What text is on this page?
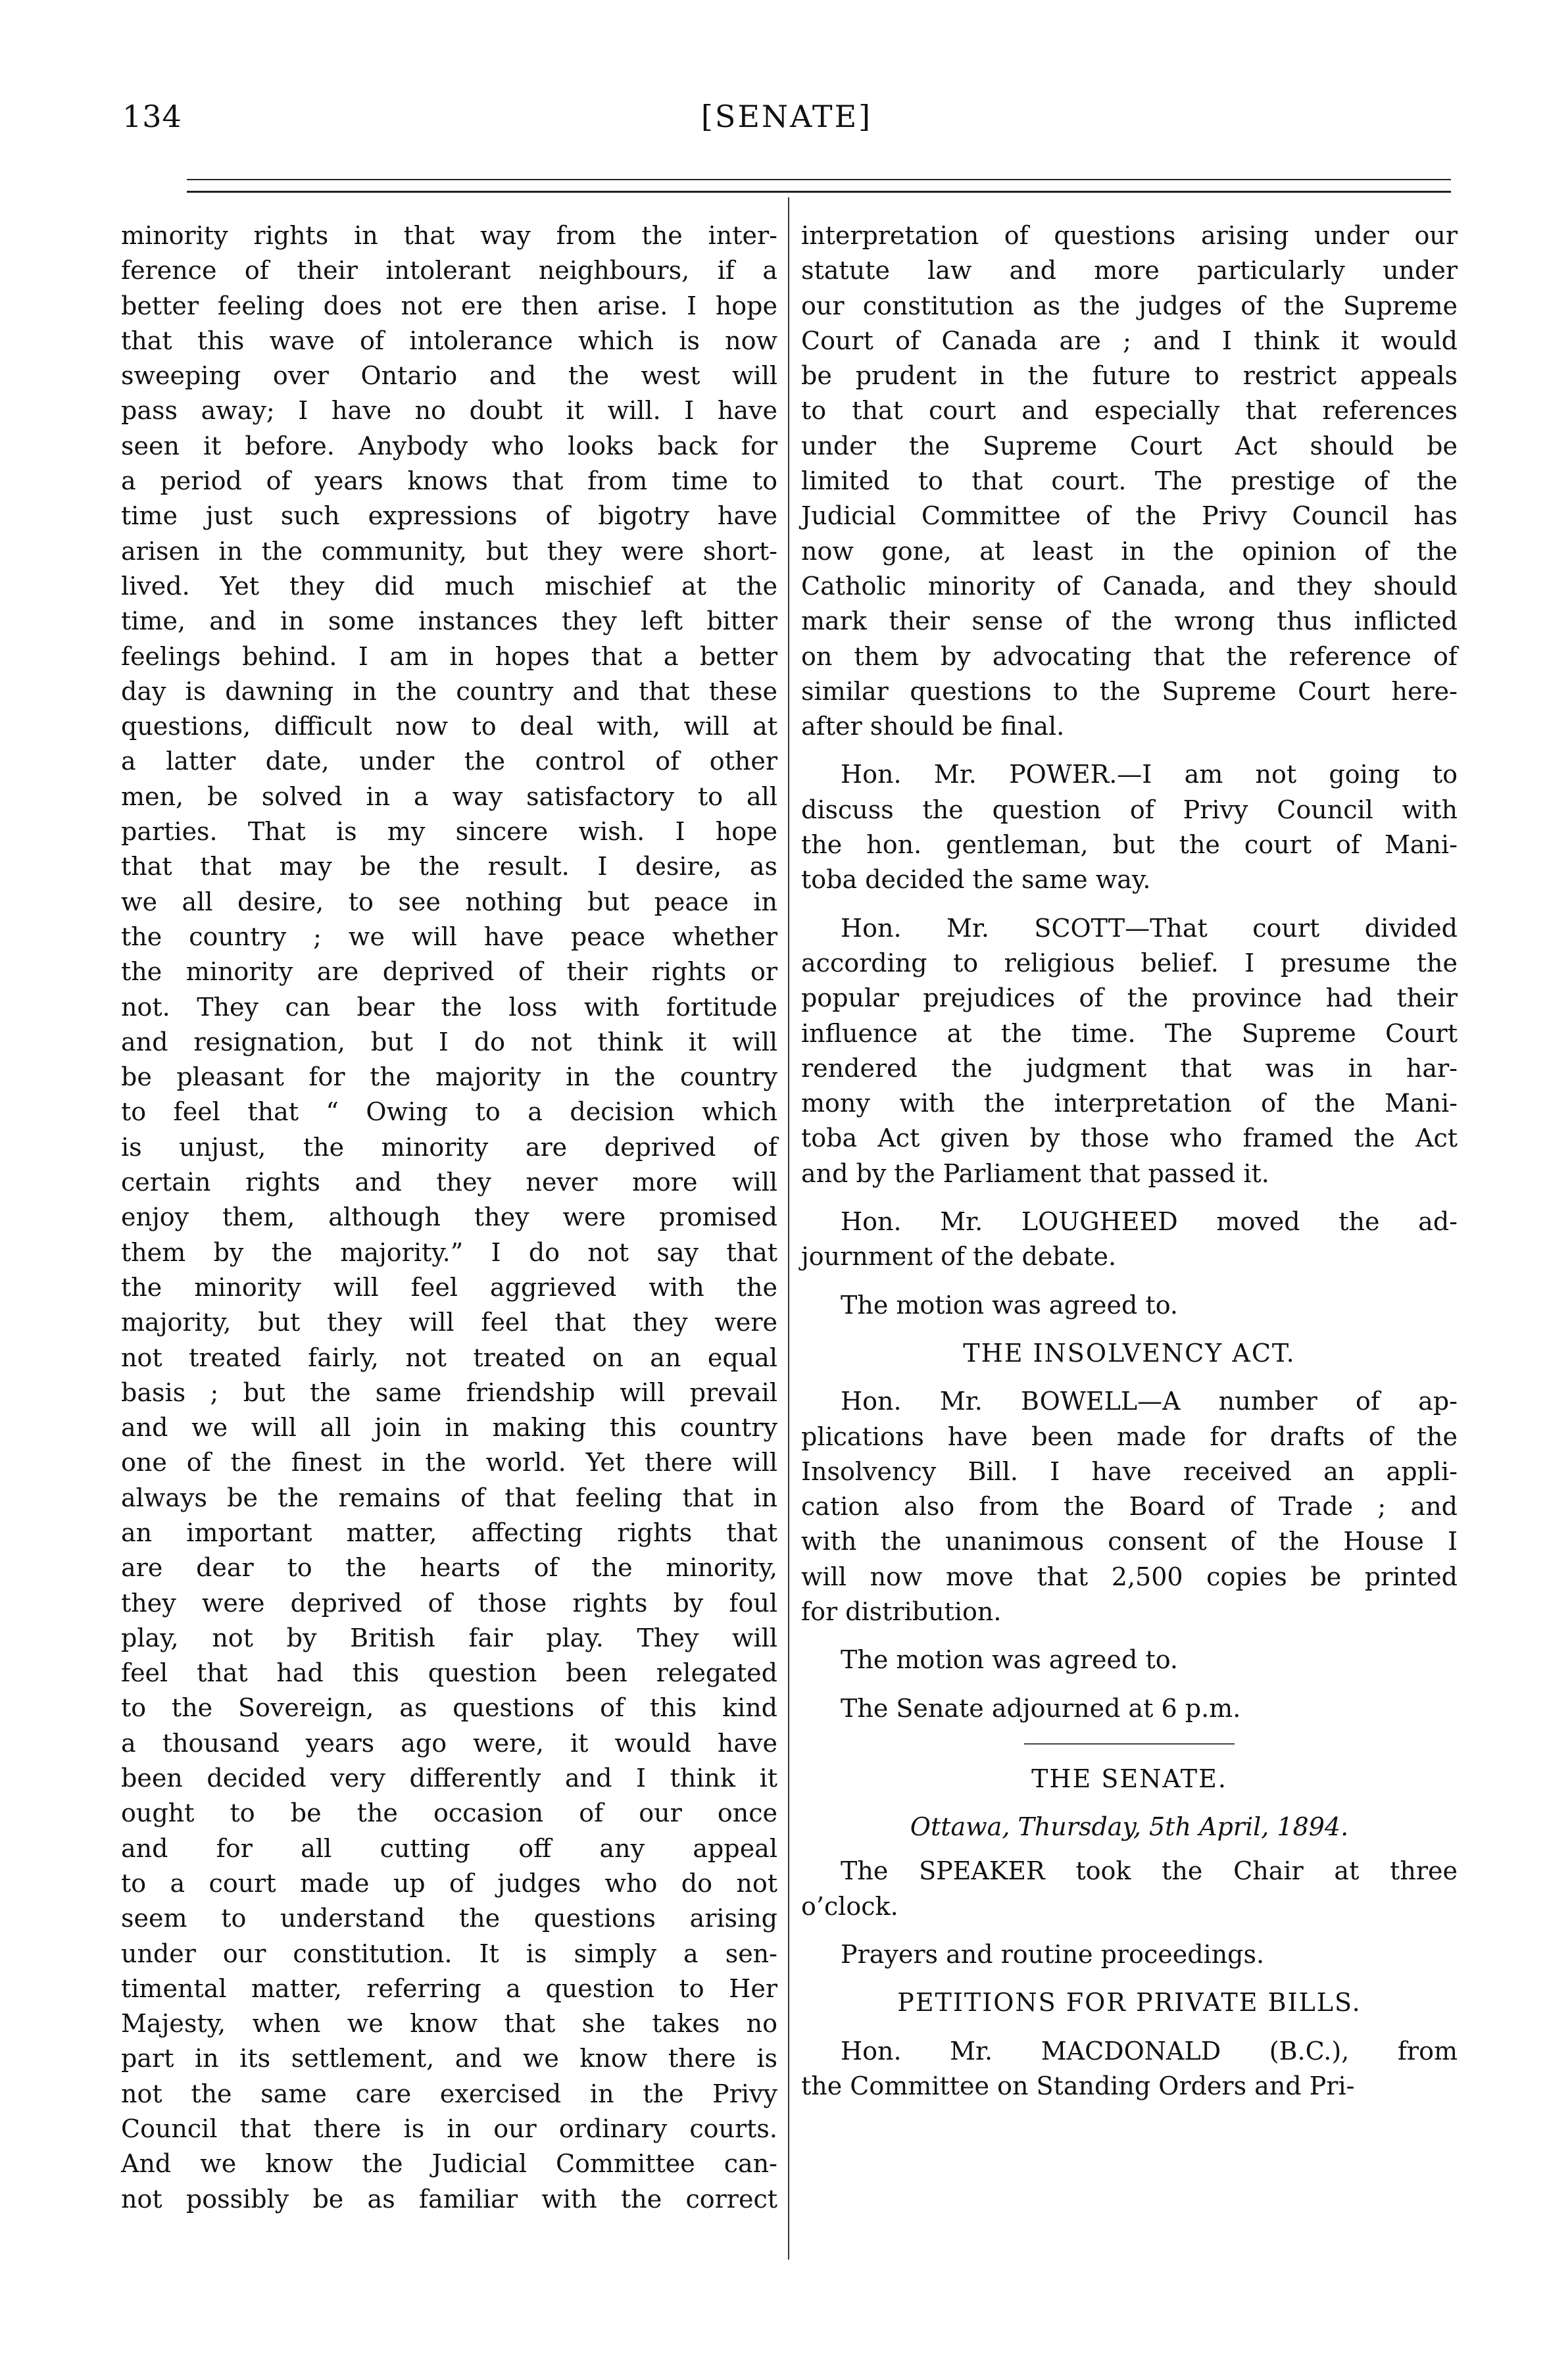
134	[SENATE]

minority rights in that way from the inter-

ference of their intolerant neighbours, if a

better feeling does not ere then arise. I hope

that this wave of intolerance which is now

sweeping over Ontario and the west will

pass away; I have no doubt it will. I have

seen it before. Anybody who looks back for

a period of years knows that from time to

time just such expressions of bigotry have

arisen in the community, but they were short-

lived. Yet they did much mischief at the

time, and in some instances they left bitter

feelings behind. I am in hopes that a better

day is dawning in the country and that these

questions, difficult now to deal with, will at

a latter date, under the control of other

men, be solved in a way satisfactory to all

parties. That is my sincere wish. I hope

that that may be the result. I desire, as

we all desire, to see nothing but peace in

the country ; we will have peace whether

the minority are deprived of their rights or

not. They can bear the loss with fortitude

and resignation, but I do not think it will

be pleasant for the majority in the country

to feel that “ Owing to a decision which

is unjust, the minority are deprived of

certain rights and they never more will

enjoy them, although they were promised

them by the majority.” I do not say that

the minority will feel aggrieved with the

majority, but they will feel that they were

not treated fairly, not treated on an equal

basis ; but the same friendship will prevail

and we will all join in making this country

one of the finest in the world. Yet there will

always be the remains of that feeling that in

an important matter, affecting rights that

are dear to the hearts of the minority,

they were deprived of those rights by foul

play, not by British fair play. They will

feel that had this question been relegated

to the Sovereign, as questions of this kind

a thousand years ago were, it would have

been decided very differently and I think it

ought to be the occasion of our once

and for all cutting off any appeal

to a court made up of judges who do not

seem to understand the questions arising

under our constitution. It is simply a sen-

timental matter, referring a question to Her

Majesty, when we know that she takes no

part in its settlement, and we know there is

not the same care exercised in the Privy

Council that there is in our ordinary courts.

And we know the Judicial Committee can-

not possibly be as familiar with the correct

interpretation of questions arising under our

statute law and more particularly under

our constitution as the judges of the Supreme

Court of Canada are ; and I think it would

be prudent in the future to restrict appeals

to that court and especially that references

under the Supreme Court Act should be

limited to that court. The prestige of the

Judicial Committee of the Privy Council has

now gone, at least in the opinion of the

Catholic minority of Canada, and they should

mark their sense of the wrong thus inflicted

on them by advocating that the reference of

similar questions to the Supreme Court here-

after should be final.

Hon. Mr. POWER.—I am not going to

discuss the question of Privy Council with

the hon. gentleman, but the court of Mani-

toba decided the same way.

Hon. Mr. SCOTT—That court divided

according to religious belief. I presume the

popular prejudices of the province had their

influence at the time. The Supreme Court

rendered the judgment that was in har-

mony with the interpretation of the Mani-

toba Act given by those who framed the Act

and by the Parliament that passed it.

Hon. Mr. LOUGHEED moved the ad-

journment of the debate.

The motion was agreed to.

THE INSOLVENCY ACT.

Hon. Mr. BOWELL—A number of ap-

plications have been made for drafts of the

Insolvency Bill. I have received an appli-

cation also from the Board of Trade ; and

with the unanimous consent of the House I

will now move that 2,500 copies be printed

for distribution.

The motion was agreed to.

The Senate adjourned at 6 p.m.

THE SENATE.
Ottawa, Thursday, 5th April, 1894.

The SPEAKER took the Chair at three

o’clock.

Prayers and routine proceedings.

PETITIONS FOR PRIVATE BILLS.

Hon. Mr. MACDONALD (B.C.), from

the Committee on Standing Orders and Pri-
